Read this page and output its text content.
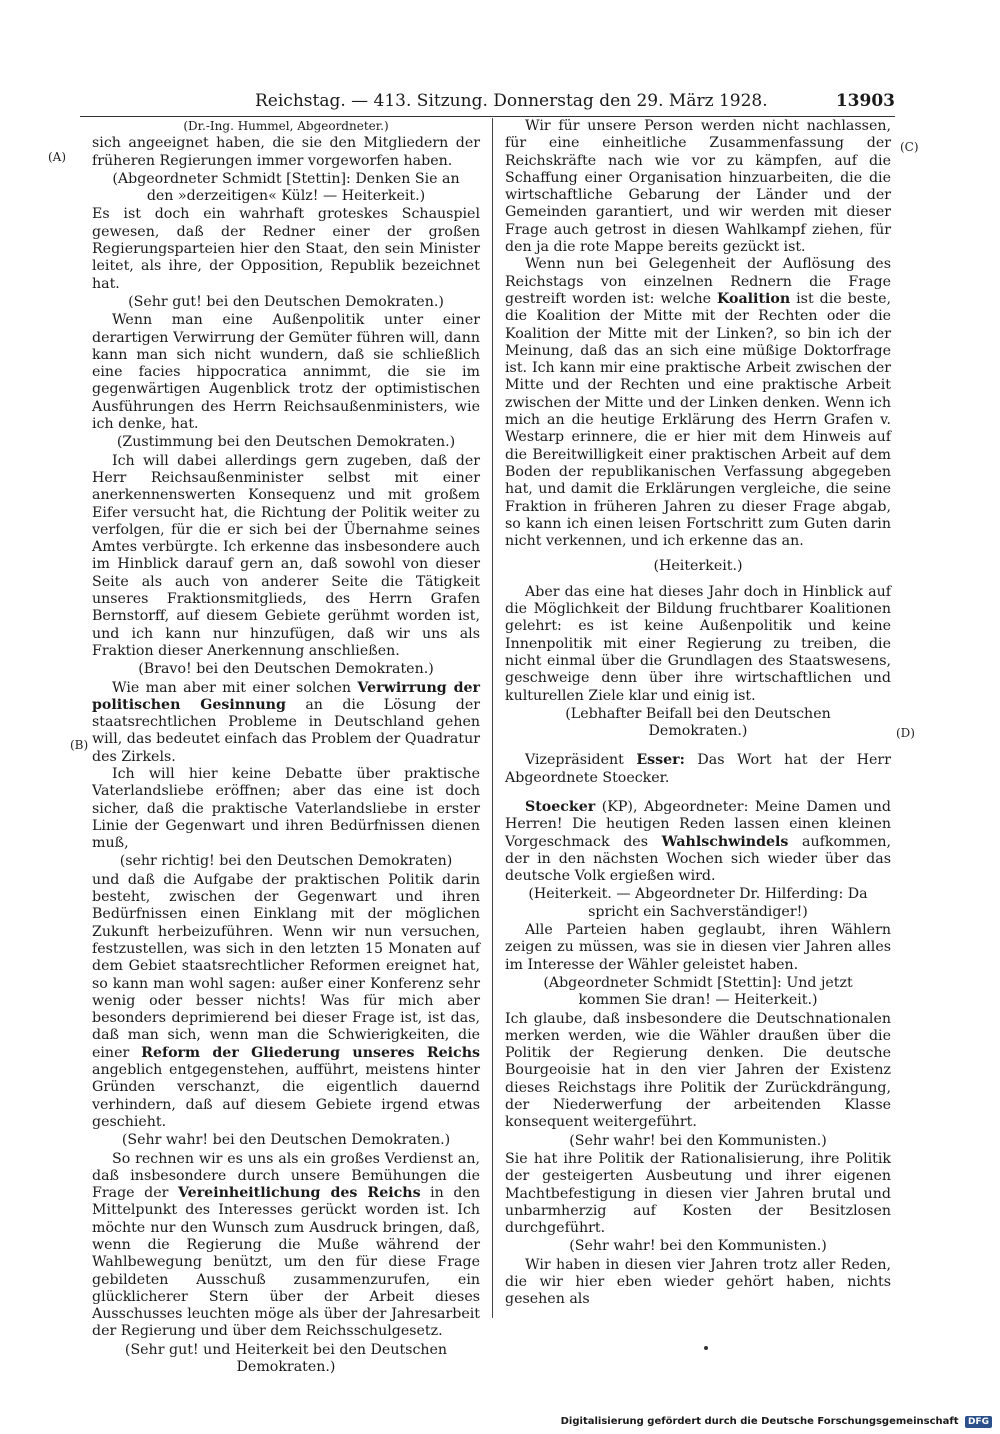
Reichstag. — 413. Sitzung. Donnerstag den 29. März 1928.	13903
(A)
(B)
(C)
(D)

(Dr.-Ing. Hummel, Abgeordneter.)

sich angeeignet haben, die sie den Mitgliedern der früheren Regierungen immer vorgeworfen haben.

(Abgeordneter Schmidt [Stettin]: Denken Sie an den »derzeitigen« Külz! — Heiterkeit.)

Es ist doch ein wahrhaft groteskes Schauspiel gewesen, daß der Redner einer der großen Regierungsparteien hier den Staat, den sein Minister leitet, als ihre, der Opposition, Republik bezeichnet hat.

(Sehr gut! bei den Deutschen Demokraten.)

Wenn man eine Außenpolitik unter einer derartigen Verwirrung der Gemüter führen will, dann kann man sich nicht wundern, daß sie schließlich eine facies hippocratica annimmt, die sie im gegenwärtigen Augenblick trotz der optimistischen Ausführungen des Herrn Reichsaußenministers, wie ich denke, hat.

(Zustimmung bei den Deutschen Demokraten.)

Ich will dabei allerdings gern zugeben, daß der Herr Reichsaußenminister selbst mit einer anerkennenswerten Konsequenz und mit großem Eifer versucht hat, die Richtung der Politik weiter zu verfolgen, für die er sich bei der Übernahme seines Amtes verbürgte. Ich erkenne das insbesondere auch im Hinblick darauf gern an, daß sowohl von dieser Seite als auch von anderer Seite die Tätigkeit unseres Fraktionsmitglieds, des Herrn Grafen Bernstorff, auf diesem Gebiete gerühmt worden ist, und ich kann nur hinzufügen, daß wir uns als Fraktion dieser Anerkennung anschließen.

(Bravo! bei den Deutschen Demokraten.)

Wie man aber mit einer solchen Verwirrung der politischen Gesinnung an die Lösung der staatsrechtlichen Probleme in Deutschland gehen will, das bedeutet einfach das Problem der Quadratur des Zirkels.

Ich will hier keine Debatte über praktische Vaterlandsliebe eröffnen; aber das eine ist doch sicher, daß die praktische Vaterlandsliebe in erster Linie der Gegenwart und ihren Bedürfnissen dienen muß,

(sehr richtig! bei den Deutschen Demokraten)

und daß die Aufgabe der praktischen Politik darin besteht, zwischen der Gegenwart und ihren Bedürfnissen einen Einklang mit der möglichen Zukunft herbeizuführen. Wenn wir nun versuchen, festzustellen, was sich in den letzten 15 Monaten auf dem Gebiet staatsrechtlicher Reformen ereignet hat, so kann man wohl sagen: außer einer Konferenz sehr wenig oder besser nichts! Was für mich aber besonders deprimierend bei dieser Frage ist, ist das, daß man sich, wenn man die Schwierigkeiten, die einer Reform der Gliederung unseres Reichs angeblich entgegenstehen, aufführt, meistens hinter Gründen verschanzt, die eigentlich dauernd verhindern, daß auf diesem Gebiete irgend etwas geschieht.

(Sehr wahr! bei den Deutschen Demokraten.)

So rechnen wir es uns als ein großes Verdienst an, daß insbesondere durch unsere Bemühungen die Frage der Vereinheitlichung des Reichs in den Mittelpunkt des Interesses gerückt worden ist. Ich möchte nur den Wunsch zum Ausdruck bringen, daß, wenn die Regierung die Muße während der Wahlbewegung benützt, um den für diese Frage gebildeten Ausschuß zusammenzurufen, ein glücklicherer Stern über der Arbeit dieses Ausschusses leuchten möge als über der Jahresarbeit der Regierung und über dem Reichsschulgesetz.

(Sehr gut! und Heiterkeit bei den Deutschen Demokraten.)

Wir für unsere Person werden nicht nachlassen, für eine einheitliche Zusammenfassung der Reichskräfte nach wie vor zu kämpfen, auf die Schaffung einer Organisation hinzuarbeiten, die die wirtschaftliche Gebarung der Länder und der Gemeinden garantiert, und wir werden mit dieser Frage auch getrost in diesen Wahlkampf ziehen, für den ja die rote Mappe bereits gezückt ist.

Wenn nun bei Gelegenheit der Auflösung des Reichstags von einzelnen Rednern die Frage gestreift worden ist: welche Koalition ist die beste, die Koalition der Mitte mit der Rechten oder die Koalition der Mitte mit der Linken?, so bin ich der Meinung, daß das an sich eine müßige Doktorfrage ist. Ich kann mir eine praktische Arbeit zwischen der Mitte und der Rechten und eine praktische Arbeit zwischen der Mitte und der Linken denken. Wenn ich mich an die heutige Erklärung des Herrn Grafen v. Westarp erinnere, die er hier mit dem Hinweis auf die Bereitwilligkeit einer praktischen Arbeit auf dem Boden der republikanischen Verfassung abgegeben hat, und damit die Erklärungen vergleiche, die seine Fraktion in früheren Jahren zu dieser Frage abgab, so kann ich einen leisen Fortschritt zum Guten darin nicht verkennen, und ich erkenne das an.

(Heiterkeit.)

Aber das eine hat dieses Jahr doch in Hinblick auf die Möglichkeit der Bildung fruchtbarer Koalitionen gelehrt: es ist keine Außenpolitik und keine Innenpolitik mit einer Regierung zu treiben, die nicht einmal über die Grundlagen des Staatswesens, geschweige denn über ihre wirtschaftlichen und kulturellen Ziele klar und einig ist.

(Lebhafter Beifall bei den Deutschen Demokraten.)

Vizepräsident Esser: Das Wort hat der Herr Abgeordnete Stoecker.

Stoecker (KP), Abgeordneter: Meine Damen und Herren! Die heutigen Reden lassen einen kleinen Vorgeschmack des Wahlschwindels aufkommen, der in den nächsten Wochen sich wieder über das deutsche Volk ergießen wird.

(Heiterkeit. — Abgeordneter Dr. Hilferding: Da spricht ein Sachverständiger!)

Alle Parteien haben geglaubt, ihren Wählern zeigen zu müssen, was sie in diesen vier Jahren alles im Interesse der Wähler geleistet haben.

(Abgeordneter Schmidt [Stettin]: Und jetzt kommen Sie dran! — Heiterkeit.)

Ich glaube, daß insbesondere die Deutschnationalen merken werden, wie die Wähler draußen über die Politik der Regierung denken. Die deutsche Bourgeoisie hat in den vier Jahren der Existenz dieses Reichstags ihre Politik der Zurückdrängung, der Niederwerfung der arbeitenden Klasse konsequent weitergeführt.

(Sehr wahr! bei den Kommunisten.)

Sie hat ihre Politik der Rationalisierung, ihre Politik der gesteigerten Ausbeutung und ihrer eigenen Machtbefestigung in diesen vier Jahren brutal und unbarmherzig auf Kosten der Besitzlosen durchgeführt.

(Sehr wahr! bei den Kommunisten.)

Wir haben in diesen vier Jahren trotz aller Reden, die wir hier eben wieder gehört haben, nichts gesehen als

Digitalisierung gefördert durch die Deutsche Forschungsgemeinschaft DFG
